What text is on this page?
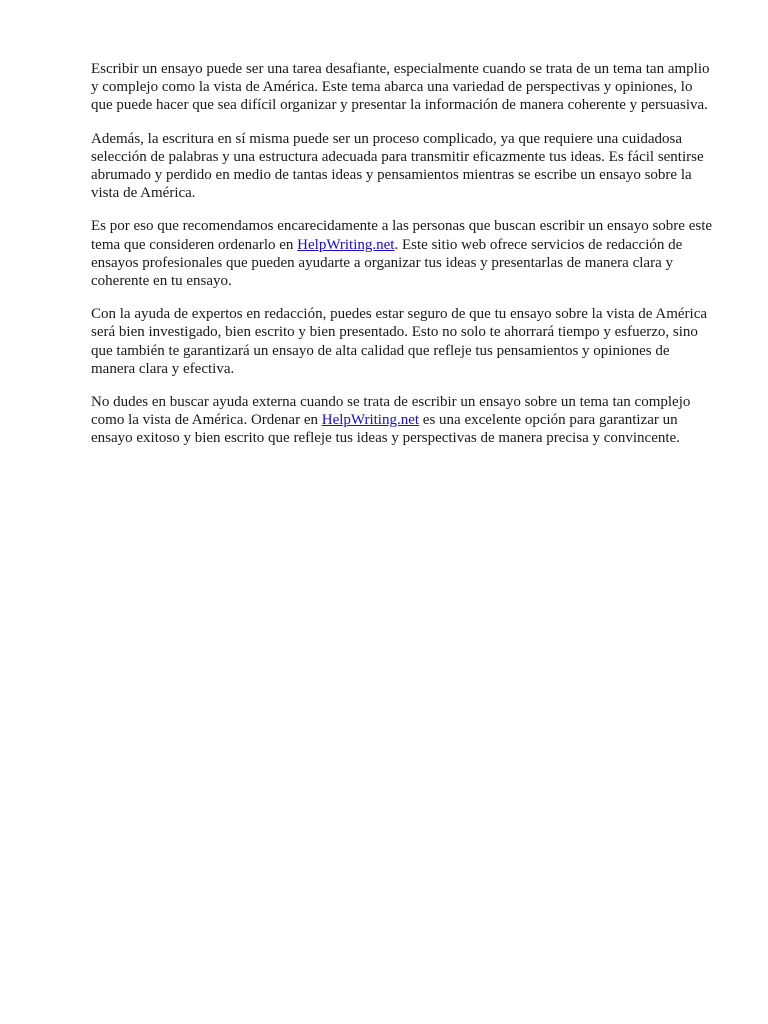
Escribir un ensayo puede ser una tarea desafiante, especialmente cuando se trata de un tema tan amplio y complejo como la vista de América. Este tema abarca una variedad de perspectivas y opiniones, lo que puede hacer que sea difícil organizar y presentar la información de manera coherente y persuasiva.

Además, la escritura en sí misma puede ser un proceso complicado, ya que requiere una cuidadosa selección de palabras y una estructura adecuada para transmitir eficazmente tus ideas. Es fácil sentirse abrumado y perdido en medio de tantas ideas y pensamientos mientras se escribe un ensayo sobre la vista de América.

Es por eso que recomendamos encarecidamente a las personas que buscan escribir un ensayo sobre este tema que consideren ordenarlo en HelpWriting.net. Este sitio web ofrece servicios de redacción de ensayos profesionales que pueden ayudarte a organizar tus ideas y presentarlas de manera clara y coherente en tu ensayo.

Con la ayuda de expertos en redacción, puedes estar seguro de que tu ensayo sobre la vista de América será bien investigado, bien escrito y bien presentado. Esto no solo te ahorrará tiempo y esfuerzo, sino que también te garantizará un ensayo de alta calidad que refleje tus pensamientos y opiniones de manera clara y efectiva.

No dudes en buscar ayuda externa cuando se trata de escribir un ensayo sobre un tema tan complejo como la vista de América. Ordenar en HelpWriting.net es una excelente opción para garantizar un ensayo exitoso y bien escrito que refleje tus ideas y perspectivas de manera precisa y convincente.
